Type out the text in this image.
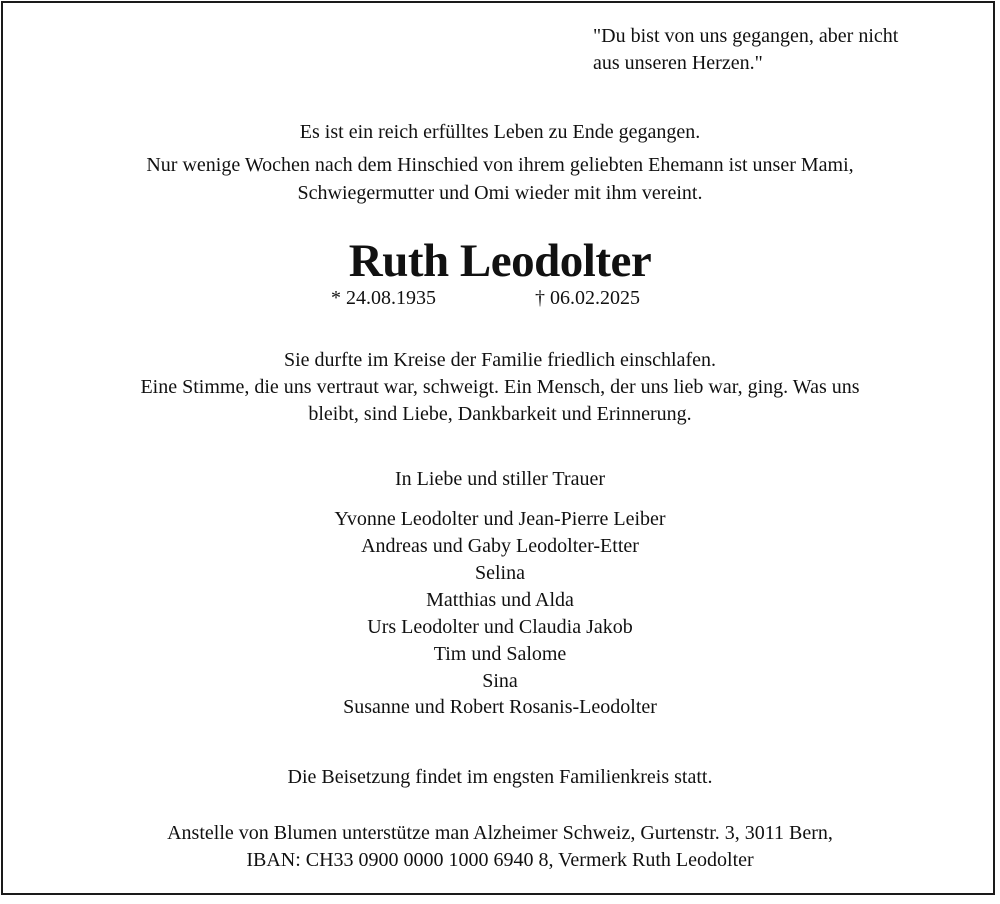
"Du bist von uns gegangen, aber nicht
aus unseren Herzen."
Es ist ein reich erfülltes Leben zu Ende gegangen.
Nur wenige Wochen nach dem Hinschied von ihrem geliebten Ehemann ist unser Mami,
Schwiegermutter und Omi wieder mit ihm vereint.
Ruth Leodolter
* 24.08.1935	† 06.02.2025
Sie durfte im Kreise der Familie friedlich einschlafen.
Eine Stimme, die uns vertraut war, schweigt. Ein Mensch, der uns lieb war, ging. Was uns
bleibt, sind Liebe, Dankbarkeit und Erinnerung.
In Liebe und stiller Trauer
Yvonne Leodolter und Jean-Pierre Leiber
Andreas und Gaby Leodolter-Etter
Selina
Matthias und Alda
Urs Leodolter und Claudia Jakob
Tim und Salome
Sina
Susanne und Robert Rosanis-Leodolter
Die Beisetzung findet im engsten Familienkreis statt.
Anstelle von Blumen unterstütze man Alzheimer Schweiz, Gurtenstr. 3, 3011 Bern,
IBAN: CH33 0900 0000 1000 6940 8, Vermerk Ruth Leodolter
